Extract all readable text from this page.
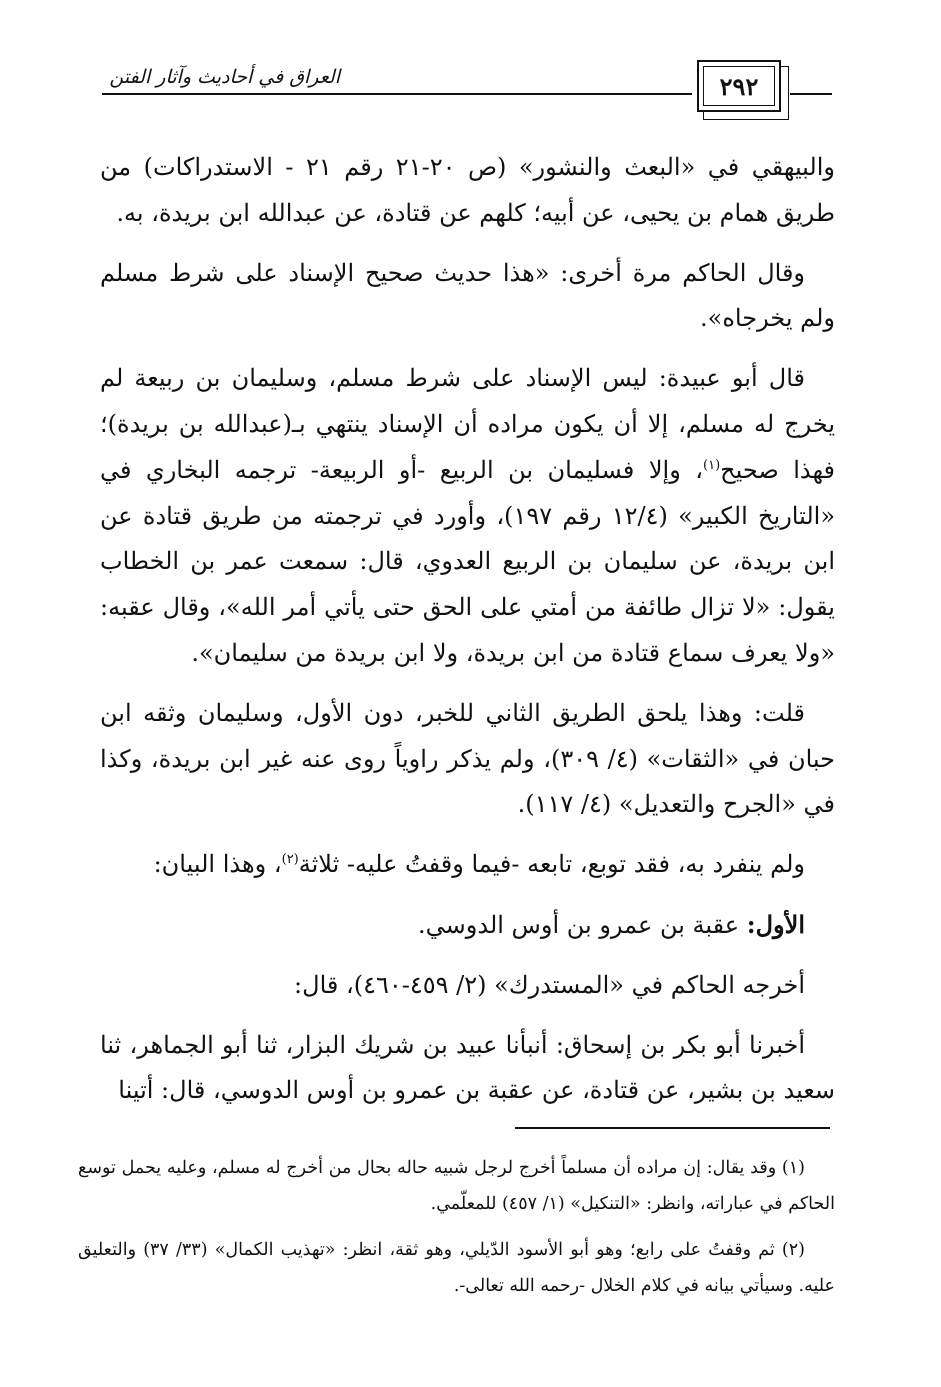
العراق في أحاديث وآثار الفتن	٢٩٢

والبيهقي في «البعث والنشور» (ص ٢٠-٢١ رقم ٢١ - الاستدراكات) من طريق همام بن يحيى، عن أبيه؛ كلهم عن قتادة، عن عبدالله ابن بريدة، به.

وقال الحاكم مرة أخرى: «هذا حديث صحيح الإسناد على شرط مسلم ولم يخرجاه».

قال أبو عبيدة: ليس الإسناد على شرط مسلم، وسليمان بن ربيعة لم يخرج له مسلم، إلا أن يكون مراده أن الإسناد ينتهي بـ(عبدالله بن بريدة)؛ فهذا صحيح$^{(١)}$، وإلا فسليمان بن الربيع -أو الربيعة- ترجمه البخاري في «التاريخ الكبير» (١٢/٤ رقم ١٩٧)، وأورد في ترجمته من طريق قتادة عن ابن بريدة، عن سليمان بن الربيع العدوي، قال: سمعت عمر بن الخطاب يقول: «لا تزال طائفة من أمتي على الحق حتى يأتي أمر الله»، وقال عقبه: «ولا يعرف سماع قتادة من ابن بريدة، ولا ابن بريدة من سليمان».

قلت: وهذا يلحق الطريق الثاني للخبر، دون الأول، وسليمان وثقه ابن حبان في «الثقات» (٤/ ٣٠٩)، ولم يذكر راوياً روى عنه غير ابن بريدة، وكذا في «الجرح والتعديل» (٤/ ١١٧).

ولم ينفرد به، فقد توبع، تابعه -فيما وقفتُ عليه- ثلاثة$^{(٢)}$، وهذا البيان:

الأول: عقبة بن عمرو بن أوس الدوسي.

أخرجه الحاكم في «المستدرك» (٢/ ٤٥٩-٤٦٠)، قال:

أخبرنا أبو بكر بن إسحاق: أنبأنا عبيد بن شريك البزار، ثنا أبو الجماهر، ثنا سعيد بن بشير، عن قتادة، عن عقبة بن عمرو بن أوس الدوسي، قال: أتينا

(١) وقد يقال: إن مراده أن مسلماً أخرج لرجل شبيه حاله بحال من أخرج له مسلم، وعليه يحمل توسع الحاكم في عباراته، وانظر: «التنكيل» (١/ ٤٥٧) للمعلّمي.

(٢) ثم وقفتُ على رابع؛ وهو أبو الأسود الدّيلي، وهو ثقة، انظر: «تهذيب الكمال» (٣٣/ ٣٧) والتعليق عليه. وسيأتي بيانه في كلام الخلال -رحمه الله تعالى-.
